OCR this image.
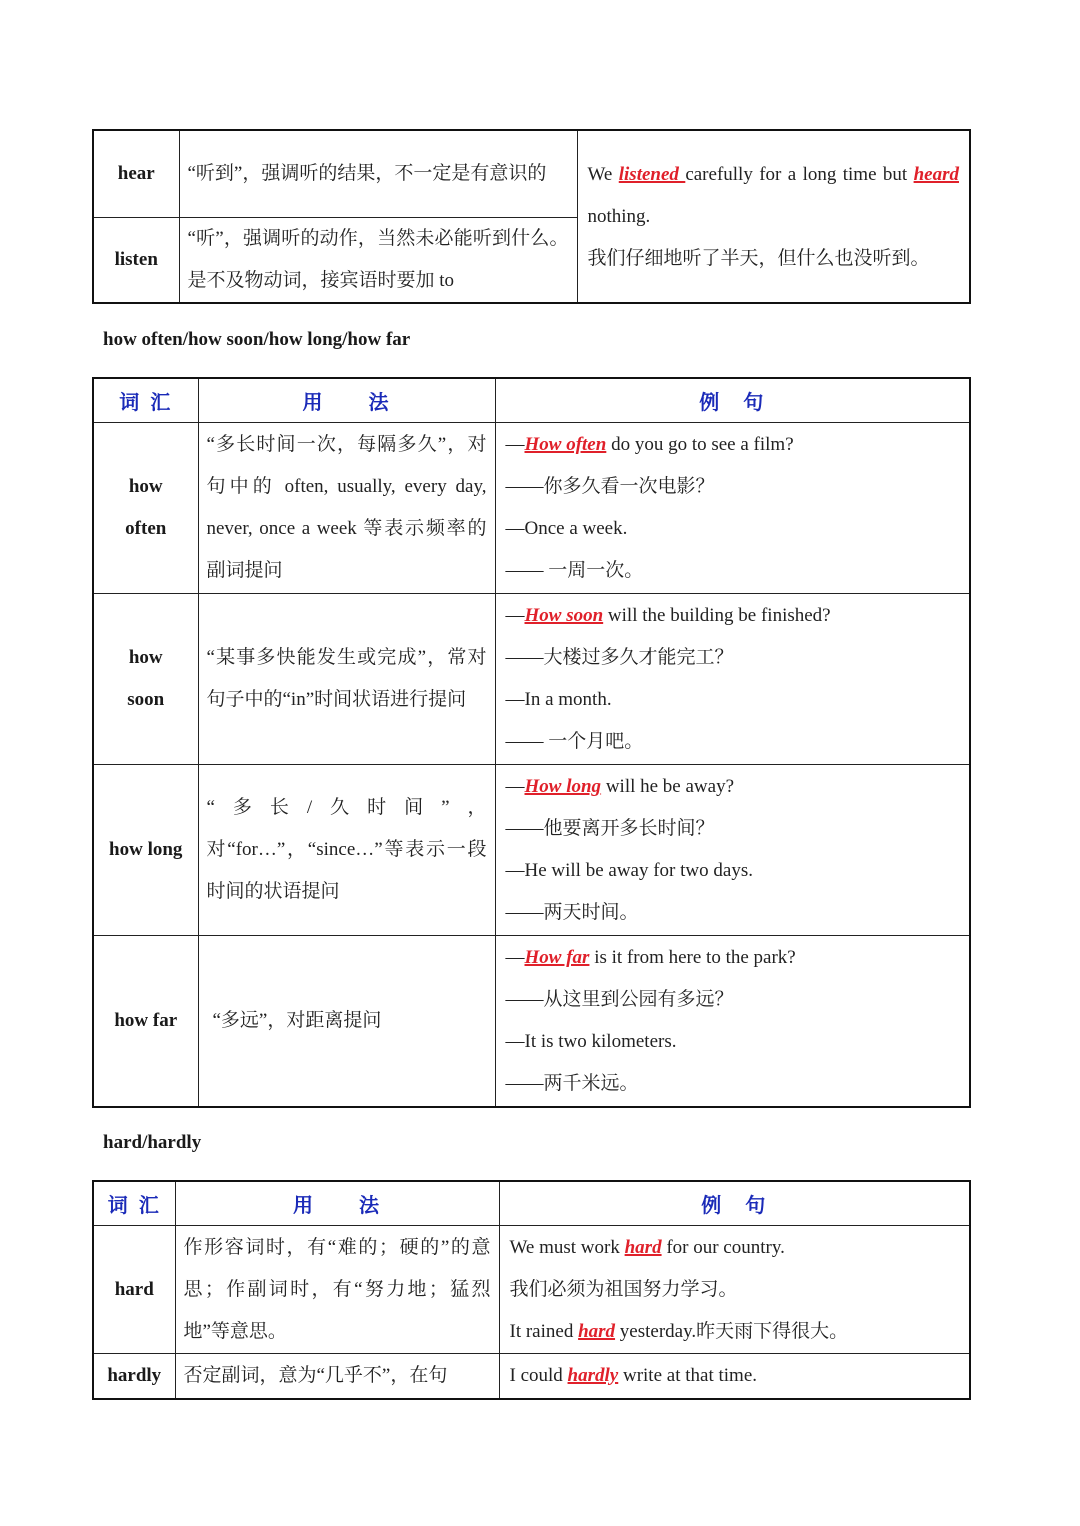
hear	“听到”，强调听的结果，不一定是有意识的	We listened carefully for a long time but heard nothing.
我们仔细地听了半天，但什么也没听到。

listen	“听”，强调听的动作，当然未必能听到什么。是不及物动词，接宾语时要加 to	
how often/how soon/how long/how far
词 汇	用　　法	例　句

how
often	“多长时间一次，每隔多久”，对句中的 often, usually, every day, never, once a week 等表示频率的副词提问	—How often do you go to see a film?
——你多久看一次电影？
—Once a week.
—— 一周一次。

how
soon	“某事多快能发生或完成”，常对句子中的“in”时间状语进行提问	—How soon will the building be finished?
——大楼过多久才能完工？
—In a month.
—— 一个月吧。

how long	“多长/久时间”，对“for…”，“since…”等表示一段时间的状语提问	—How long will he be away?
——他要离开多长时间？
—He will be away for two days.
——两天时间。

how far	“多远”，对距离提问	—How far is it from here to the park?
——从这里到公园有多远？
—It is two kilometers.
——两千米远。
hard/hardly
词 汇	用　　法	例　句
hard	作形容词时，有“难的；硬的”的意思；作副词时，有“努力地；猛烈地”等意思。	We must work hard for our country.
我们必须为祖国努力学习。
It rained hard yesterday.昨天雨下得很大。

hardly	否定副词，意为“几乎不”，在句	I could hardly write at that time.
